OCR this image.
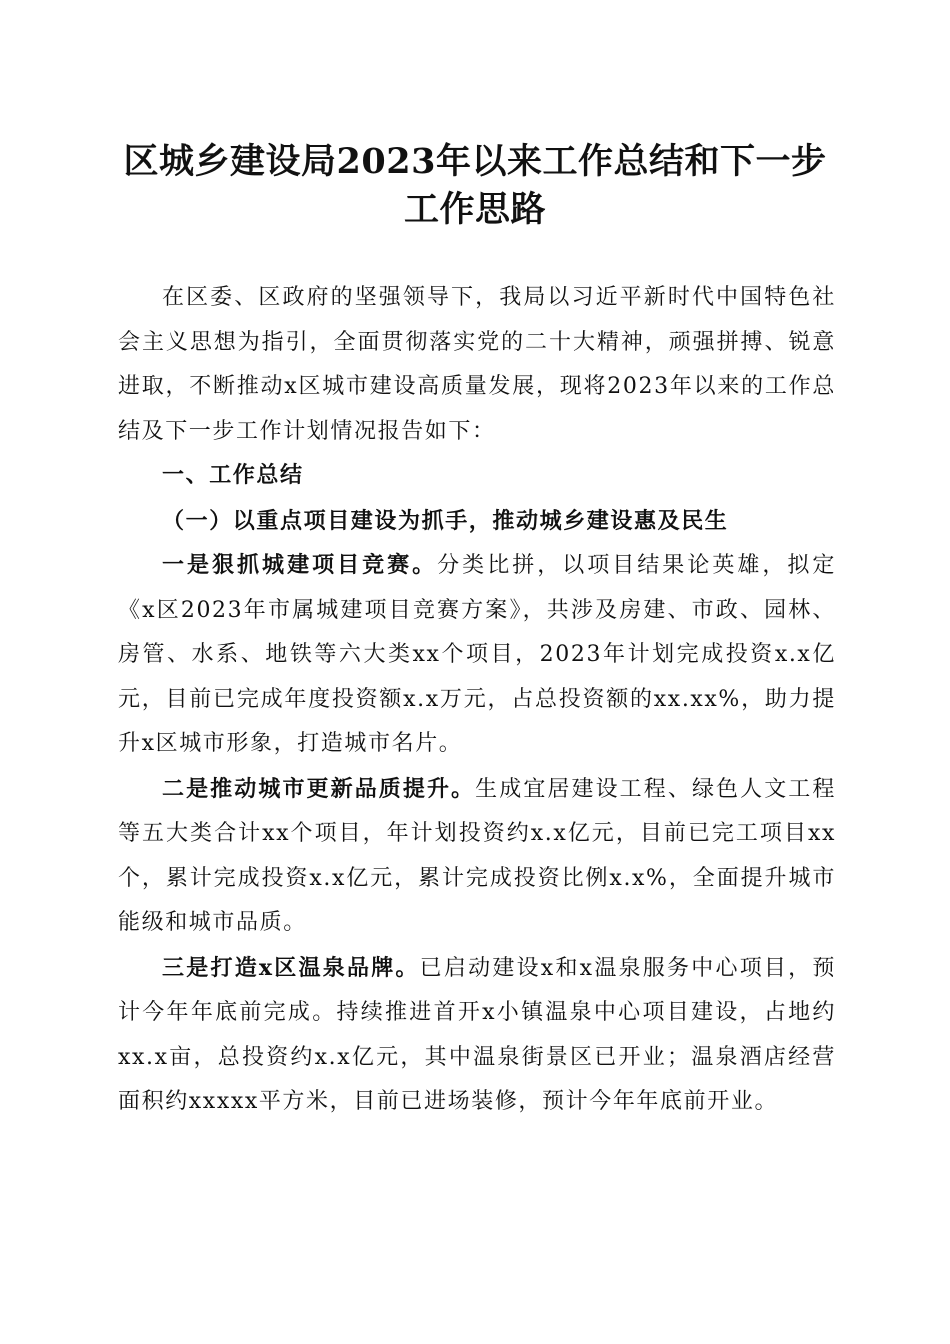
区城乡建设局2023年以来工作总结和下一步
工作思路

在区委、区政府的坚强领导下，我局以习近平新时代中国特色社会主义思想为指引，全面贯彻落实党的二十大精神，顽强拼搏、锐意进取，不断推动x区城市建设高质量发展，现将2023年以来的工作总结及下一步工作计划情况报告如下：

一、工作总结

（一）以重点项目建设为抓手，推动城乡建设惠及民生

一是狠抓城建项目竞赛。分类比拼，以项目结果论英雄，拟定《x区2023年市属城建项目竞赛方案》，共涉及房建、市政、园林、房管、水系、地铁等六大类xx个项目，2023年计划完成投资x.x亿元，目前已完成年度投资额x.x万元，占总投资额的xx.xx%，助力提升x区城市形象，打造城市名片。

二是推动城市更新品质提升。生成宜居建设工程、绿色人文工程等五大类合计xx个项目，年计划投资约x.x亿元，目前已完工项目xx个，累计完成投资x.x亿元，累计完成投资比例x.x%，全面提升城市能级和城市品质。

三是打造x区温泉品牌。已启动建设x和x温泉服务中心项目，预计今年年底前完成。持续推进首开x小镇温泉中心项目建设，占地约xx.x亩，总投资约x.x亿元，其中温泉街景区已开业；温泉酒店经营面积约xxxxx平方米，目前已进场装修，预计今年年底前开业。
